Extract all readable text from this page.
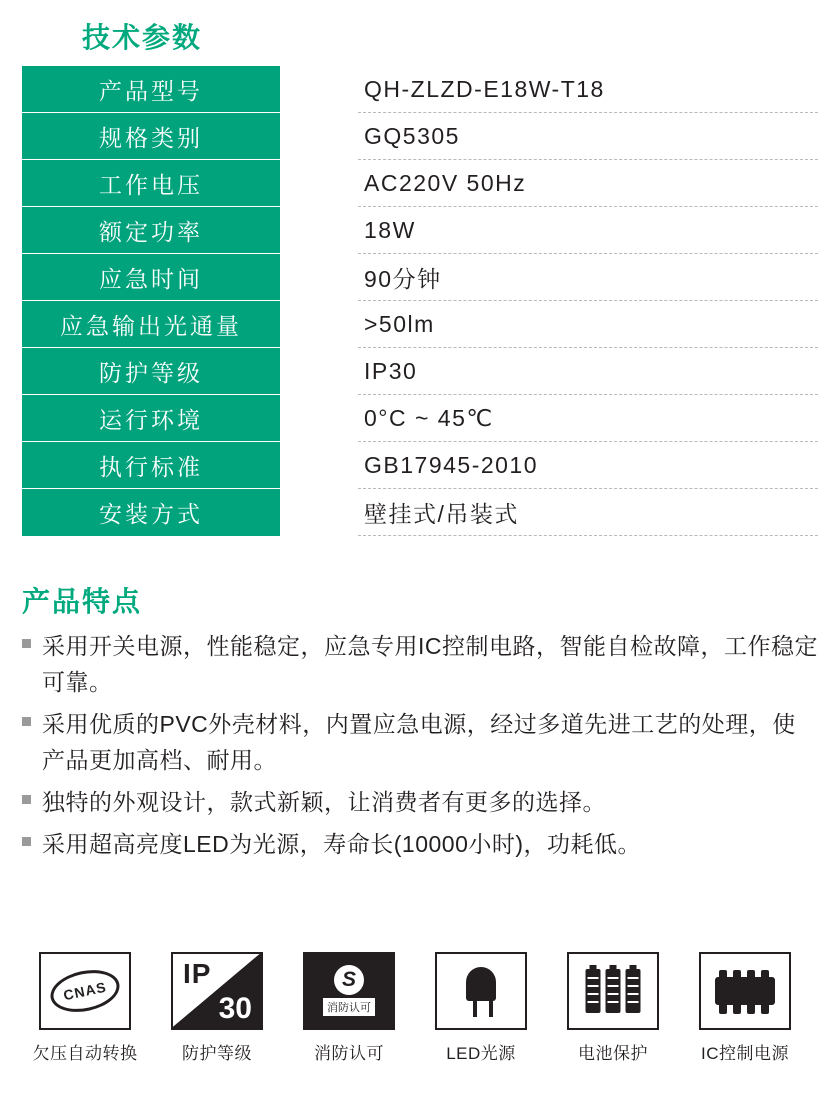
技术参数
产品型号		QH-ZLZD-E18W-T18
规格类别		GQ5305
工作电压		AC220V 50Hz
额定功率		18W
应急时间		90分钟
应急输出光通量		>50lm
防护等级		IP30
运行环境		0°C ~ 45℃
执行标准		GB17945-2010
安装方式		壁挂式/吊装式
产品特点
采用开关电源，性能稳定，应急专用IC控制电路，智能自检故障，工作稳定可靠。
采用优质的PVC外壳材料，内置应急电源，经过多道先进工艺的处理，使产品更加高档、耐用。
独特的外观设计，款式新颖，让消费者有更多的选择。
采用超高亮度LED为光源，寿命长(10000小时)，功耗低。
CNAS
欠压自动转换
IP
30
防护等级
S
消防认可
消防认可	LED光源	电池保护	IC控制电源
